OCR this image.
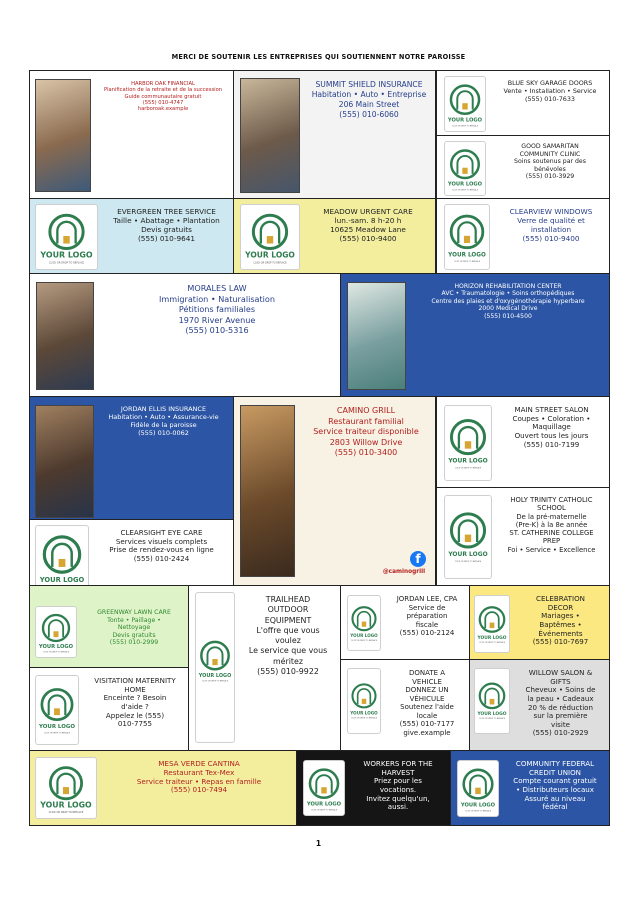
MERCI DE SOUTENIR LES ENTREPRISES QUI SOUTIENNENT NOTRE PAROISSE
HARBOR OAK FINANCIAL
Planification de la retraite et de la succession
Guide communautaire gratuit
(555) 010-4747
harboroak.example
SUMMIT SHIELD INSURANCE
Habitation • Auto • Entreprise
206 Main Street
(555) 010-6060
YOUR LOGO
CLICK OR DROP TO REPLACE
BLUE SKY GARAGE DOORS
Vente • Installation • Service
(555) 010-7633
YOUR LOGO
CLICK OR DROP TO REPLACE
GOOD SAMARITAN
COMMUNITY CLINIC
Soins soutenus par des
bénévoles
(555) 010-3929
YOUR LOGO
CLICK OR DROP TO REPLACE
EVERGREEN TREE SERVICE
Taille • Abattage • Plantation
Devis gratuits
(555) 010-9641
YOUR LOGO
CLICK OR DROP TO REPLACE
MEADOW URGENT CARE
lun.-sam. 8 h-20 h
10625 Meadow Lane
(555) 010-9400
YOUR LOGO
CLICK OR DROP TO REPLACE
CLEARVIEW WINDOWS
Verre de qualité et
installation
(555) 010-9400
MORALES LAW
Immigration • Naturalisation
Pétitions familiales
1970 River Avenue
(555) 010-5316
HORIZON REHABILITATION CENTER
AVC • Traumatologie • Soins orthopédiques
Centre des plaies et d'oxygénothérapie hyperbare
2000 Medical Drive
(555) 010-4500
JORDAN ELLIS INSURANCE
Habitation • Auto • Assurance-vie
Fidèle de la paroisse
(555) 010-0062
CAMINO GRILL
Restaurant familial
Service traiteur disponible
2803 Willow Drive
(555) 010-3400
f
@caminogrill
YOUR LOGO
CLICK OR DROP TO REPLACE
MAIN STREET SALON
Coupes • Coloration •
Maquillage
Ouvert tous les jours
(555) 010-7199
YOUR LOGO
CLICK OR DROP TO REPLACE
HOLY TRINITY CATHOLIC
SCHOOL
De la pré-maternelle
(Pre-K) à la 8e année
ST. CATHERINE COLLEGE
PREP
Foi • Service • Excellence
YOUR LOGO
CLEARSIGHT EYE CARE
Services visuels complets
Prise de rendez-vous en ligne
(555) 010-2424
YOUR LOGO
CLICK OR DROP TO REPLACE
GREENWAY LAWN CARE
Tonte • Paillage •
Nettoyage
Devis gratuits
(555) 010-2999
YOUR LOGO
CLICK OR DROP TO REPLACE
TRAILHEAD
OUTDOOR
EQUIPMENT
L'offre que vous
voulez
Le service que vous
méritez
(555) 010-9922
YOUR LOGO
CLICK OR DROP TO REPLACE
JORDAN LEE, CPA
Service de
préparation
fiscale
(555) 010-2124
YOUR LOGO
CLICK OR DROP TO REPLACE
CELEBRATION
DECOR
Mariages •
Baptêmes •
Événements
(555) 010-7697
YOUR LOGO
CLICK OR DROP TO REPLACE
VISITATION MATERNITY
HOME
Enceinte ? Besoin
d'aide ?
Appelez le (555)
010-7755
YOUR LOGO
CLICK OR DROP TO REPLACE
DONATE A
VEHICLE
DONNEZ UN
VÉHICULE
Soutenez l'aide
locale
(555) 010-7177
give.example
YOUR LOGO
CLICK OR DROP TO REPLACE
WILLOW SALON &
GIFTS
Cheveux • Soins de
la peau • Cadeaux
20 % de réduction
sur la première
visite
(555) 010-2929
YOUR LOGO
CLICK OR DROP TO REPLACE
MESA VERDE CANTINA
Restaurant Tex-Mex
Service traiteur • Repas en famille
(555) 010-7494
YOUR LOGO
CLICK OR DROP TO REPLACE
WORKERS FOR THE
HARVEST
Priez pour les
vocations.
Invitez quelqu'un,
aussi.	YOUR LOGO
CLICK OR DROP TO REPLACE
COMMUNITY FEDERAL
CREDIT UNION
Compte courant gratuit
• Distributeurs locaux
Assuré au niveau
fédéral
1
